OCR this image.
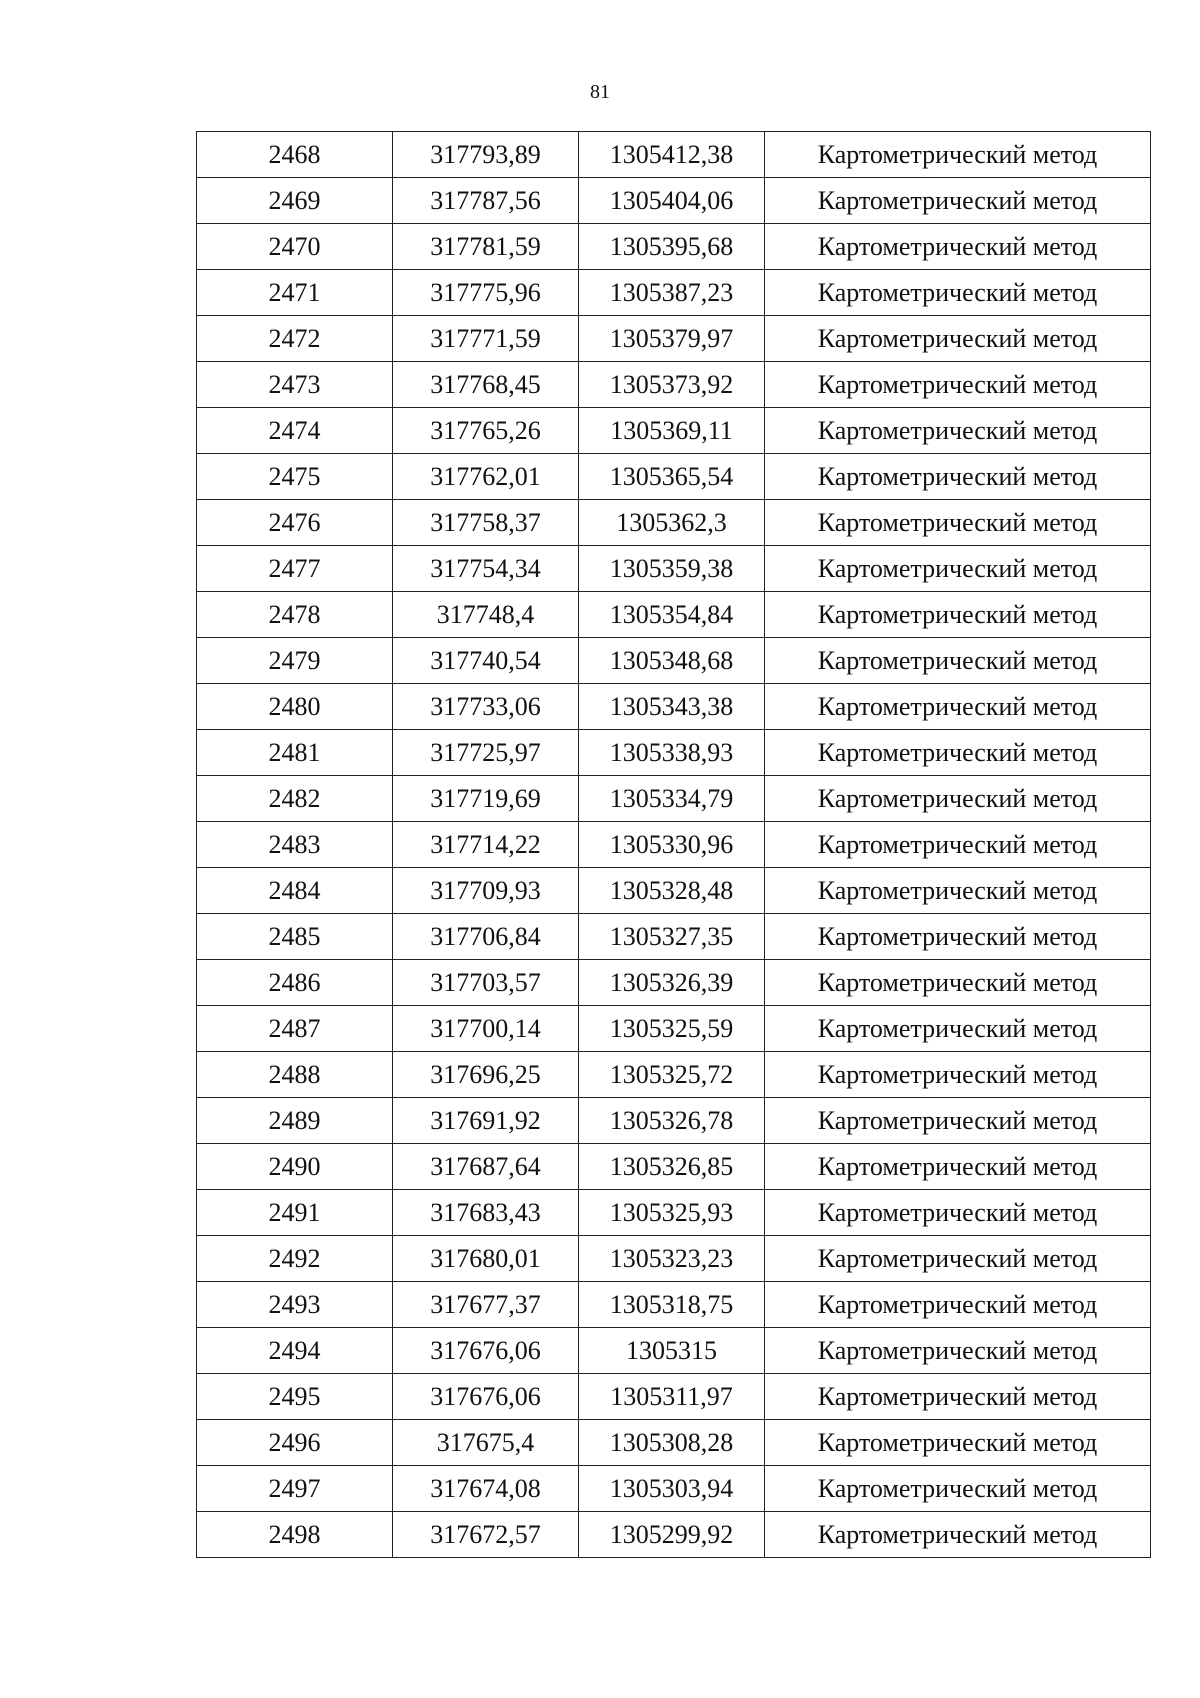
81
2468	317793,89	1305412,38	Картометрический метод
2469	317787,56	1305404,06	Картометрический метод
2470	317781,59	1305395,68	Картометрический метод
2471	317775,96	1305387,23	Картометрический метод
2472	317771,59	1305379,97	Картометрический метод
2473	317768,45	1305373,92	Картометрический метод
2474	317765,26	1305369,11	Картометрический метод
2475	317762,01	1305365,54	Картометрический метод
2476	317758,37	1305362,3	Картометрический метод
2477	317754,34	1305359,38	Картометрический метод
2478	317748,4	1305354,84	Картометрический метод
2479	317740,54	1305348,68	Картометрический метод
2480	317733,06	1305343,38	Картометрический метод
2481	317725,97	1305338,93	Картометрический метод
2482	317719,69	1305334,79	Картометрический метод
2483	317714,22	1305330,96	Картометрический метод
2484	317709,93	1305328,48	Картометрический метод
2485	317706,84	1305327,35	Картометрический метод
2486	317703,57	1305326,39	Картометрический метод
2487	317700,14	1305325,59	Картометрический метод
2488	317696,25	1305325,72	Картометрический метод
2489	317691,92	1305326,78	Картометрический метод
2490	317687,64	1305326,85	Картометрический метод
2491	317683,43	1305325,93	Картометрический метод
2492	317680,01	1305323,23	Картометрический метод
2493	317677,37	1305318,75	Картометрический метод
2494	317676,06	1305315	Картометрический метод
2495	317676,06	1305311,97	Картометрический метод
2496	317675,4	1305308,28	Картометрический метод
2497	317674,08	1305303,94	Картометрический метод
2498	317672,57	1305299,92	Картометрический метод
